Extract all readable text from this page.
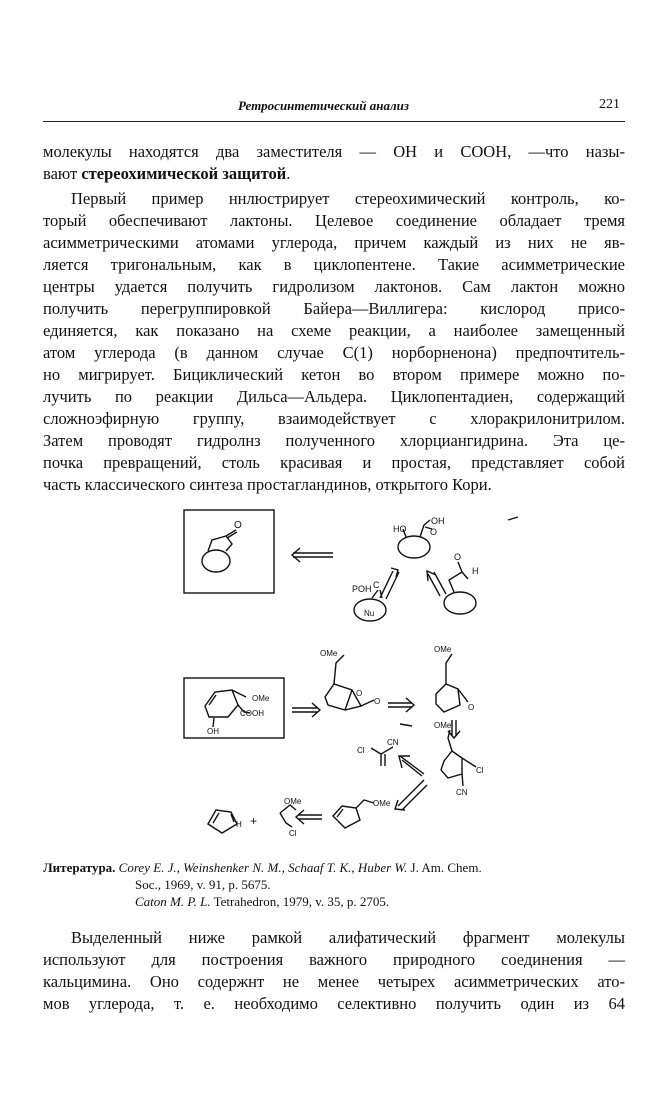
Ретросинтетический анализ	221

молекулы находятся два заместителя — ОН и СООН, —что назы-
вают стереохимической защитой.

Первый пример ннлюстрирует стереохимический контроль, ко-
торый обеспечивают лактоны. Целевое соединение обладает тремя
асимметрическими атомами углерода, причем каждый из них не яв-
ляется тригональным, как в циклопентене. Такие асимметрические
центры удается получить гидролизом лактонов. Сам лактон можно
получить перегруппировкой Байера—Виллигера: кислород присо-
единяется, как показано на схеме реакции, а наиболее замещенный
атом углерода (в данном случае С(1) норборненона) предпочтитель-
но мигрирует. Бициклический кетон во втором примере можно по-
лучить по реакции Дильса—Альдера. Циклопентадиен, содержащий
сложноэфирную группу, взаимодействует с хлоракрилонитрилом.
Затем проводят гидролнз полученного хлорциангидрина. Эта це-
почка превращений, столь красивая и простая, представляет собой
часть классического синтеза простагландинов, открытого Кори.

O	HO
OH
O
POH C
Nu
O
H
OMe
COOH
OH
OMe
O
O
OMe
O
OMe
Cl
CN
Cl
CN
H +
OMe
Cl
OMe
Литература. Corey E. J., Weinshenker N. M., Schaaf T. K., Huber W. J. Am. Chem.
Soc., 1969, v. 91, p. 5675.
Caton M. P. L. Tetrahedron, 1979, v. 35, p. 2705.

Выделенный ниже рамкой алифатический фрагмент молекулы
используют для построения важного природного соединения —
кальцимина. Оно содержнт не менее четырех асимметрических ато-
мов углерода, т. е. необходимо селективно получить один из 64
